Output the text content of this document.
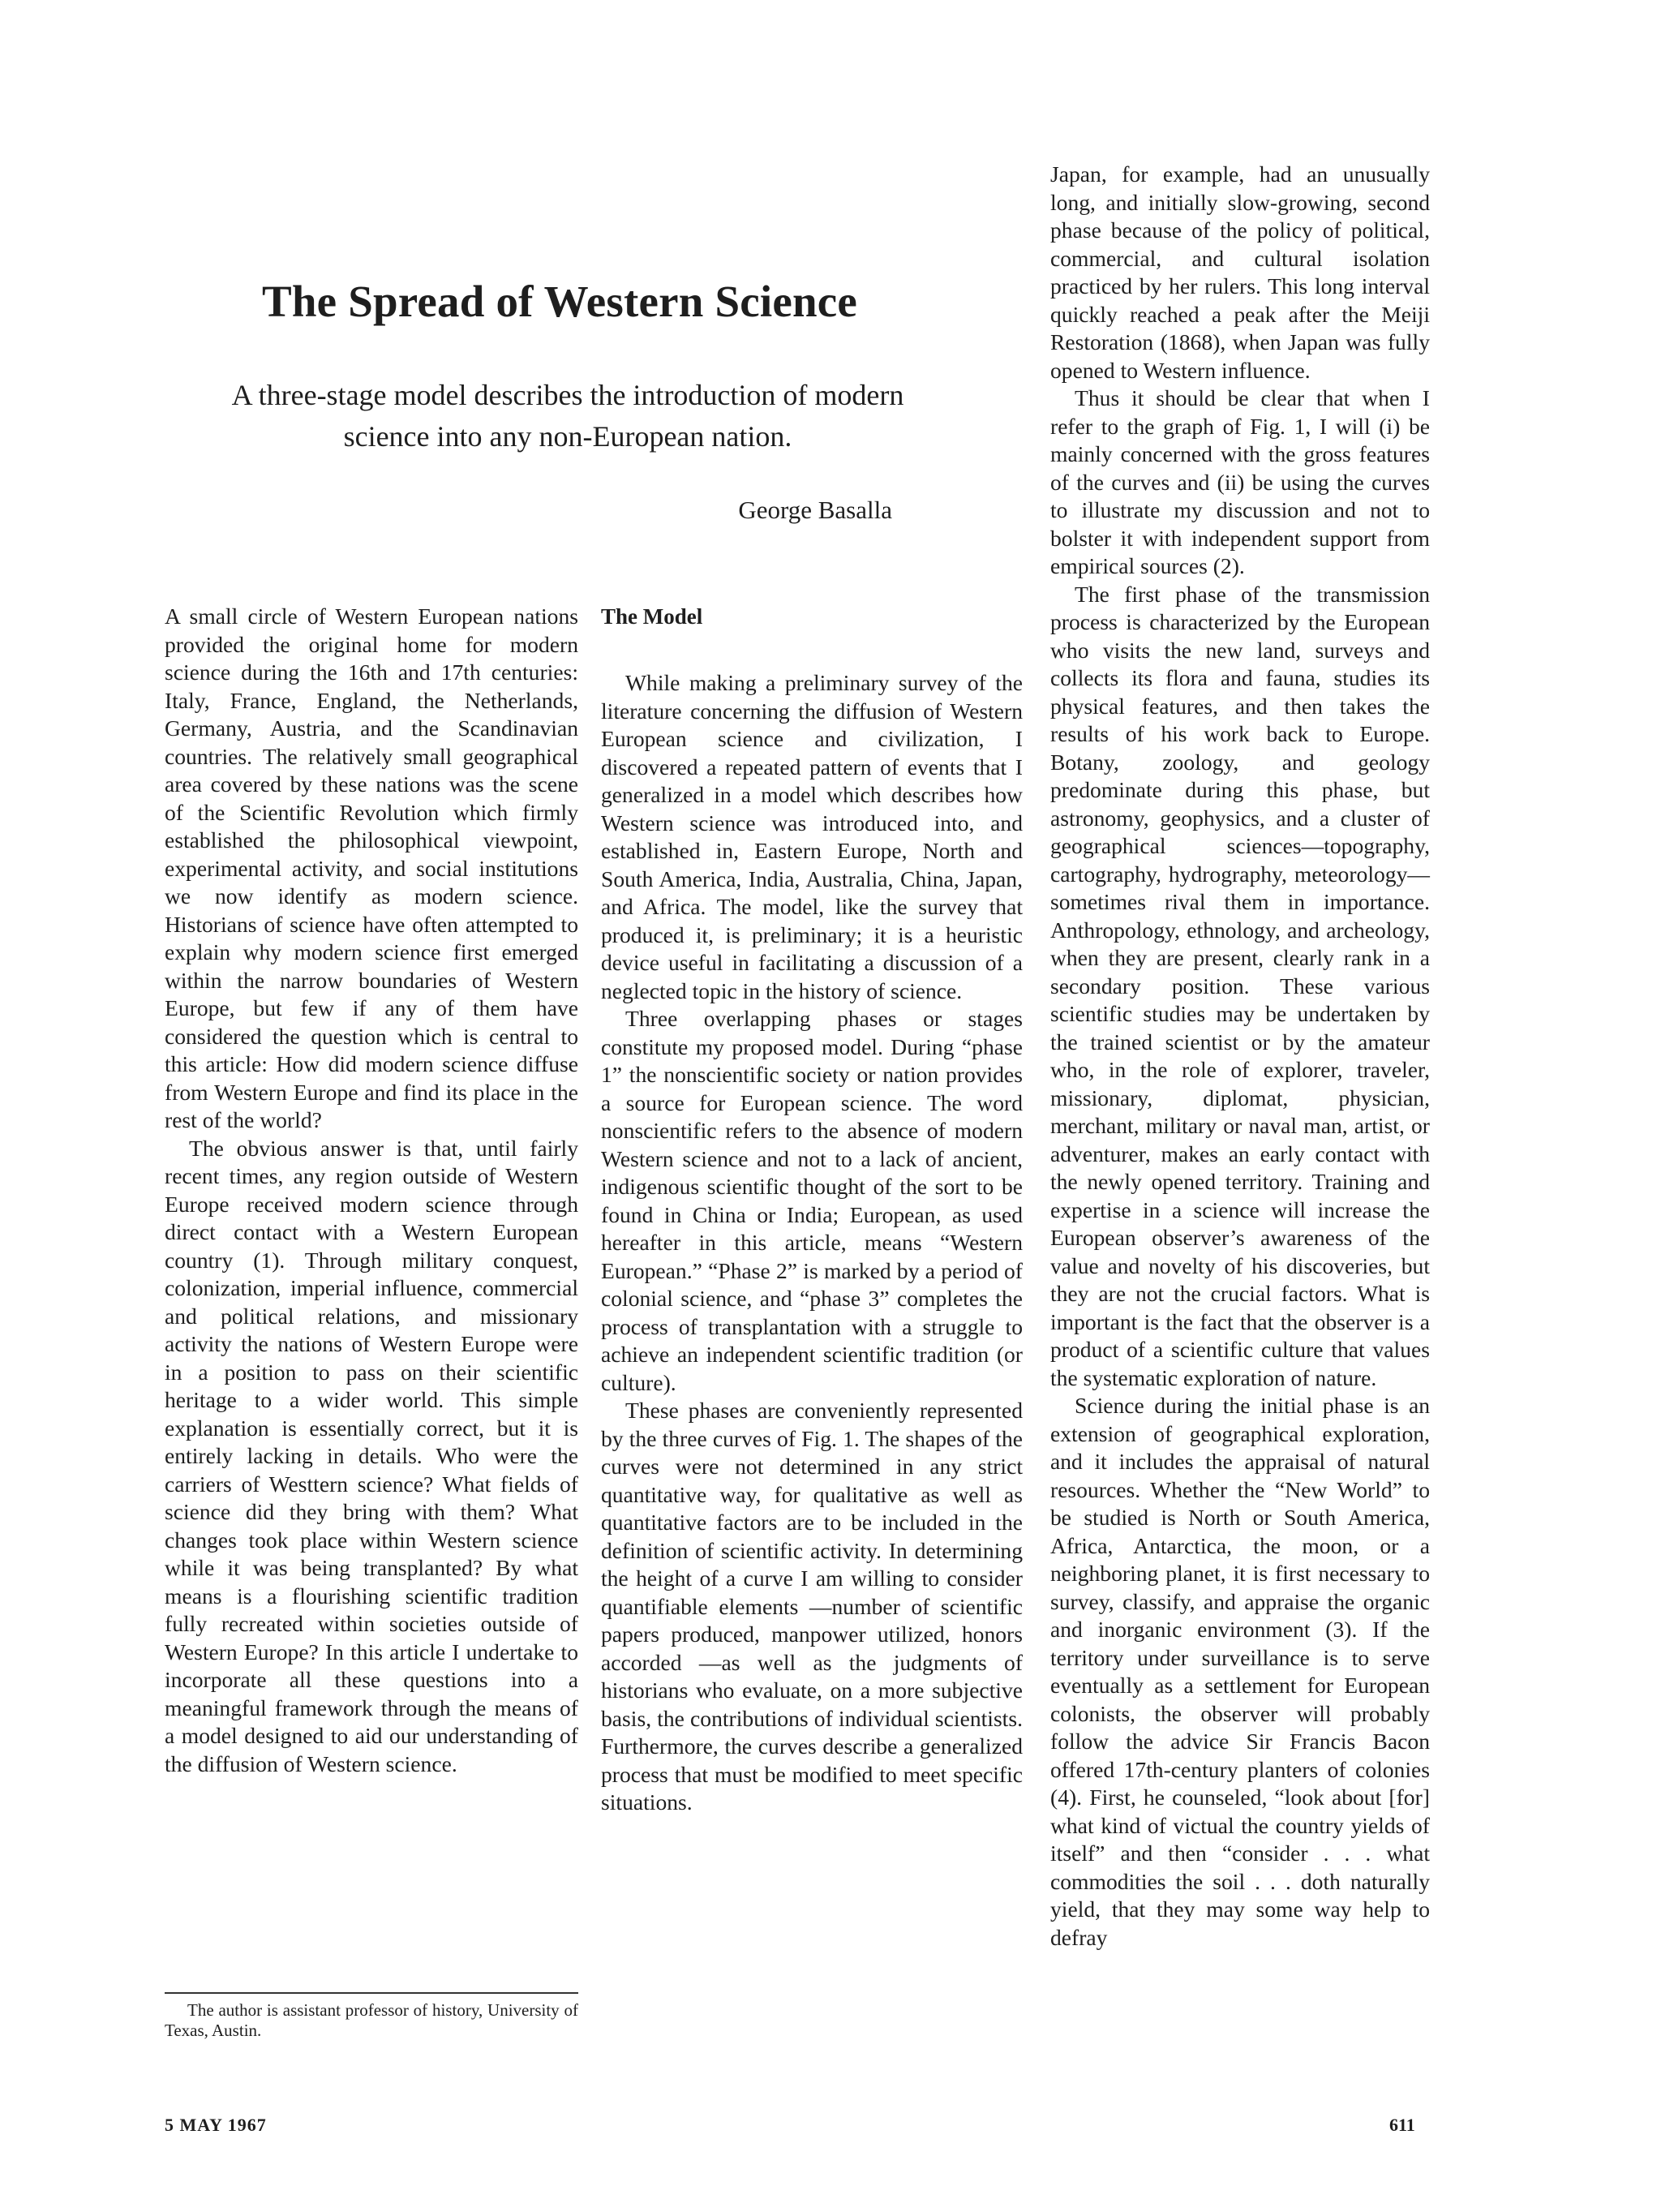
The Spread of Western Science

A three-stage model describes the introduction of modern science into any non-European nation.

George Basalla

A small circle of Western European nations provided the original home for modern science during the 16th and 17th centuries: Italy, France, England, the Netherlands, Germany, Austria, and the Scandinavian countries. The relatively small geographical area covered by these nations was the scene of the Scientific Revolution which firmly established the philosophical viewpoint, experimental activity, and social institutions we now identify as modern science. Historians of science have often attempted to explain why modern science first emerged within the narrow boundaries of Western Europe, but few if any of them have considered the question which is central to this article: How did modern science diffuse from Western Europe and find its place in the rest of the world?

The obvious answer is that, until fairly recent times, any region outside of Western Europe received modern science through direct contact with a Western European country (1). Through military conquest, colonization, imperial influence, commercial and political relations, and missionary activity the nations of Western Europe were in a position to pass on their scientific heritage to a wider world. This simple explanation is essentially correct, but it is entirely lacking in details. Who were the carriers of Westtern science? What fields of science did they bring with them? What changes took place within Western science while it was being transplanted? By what means is a flourishing scientific tradition fully recreated within societies outside of Western Europe? In this article I undertake to incorporate all these questions into a meaningful framework through the means of a model designed to aid our understanding of the diffusion of Western science.

The Model

While making a preliminary survey of the literature concerning the diffusion of Western European science and civilization, I discovered a repeated pattern of events that I generalized in a model which describes how Western science was introduced into, and established in, Eastern Europe, North and South America, India, Australia, China, Japan, and Africa. The model, like the survey that produced it, is preliminary; it is a heuristic device useful in facilitating a discussion of a neglected topic in the history of science.

Three overlapping phases or stages constitute my proposed model. During “phase 1” the nonscientific society or nation provides a source for European science. The word nonscientific refers to the absence of modern Western science and not to a lack of ancient, indigenous scientific thought of the sort to be found in China or India; European, as used hereafter in this article, means “Western European.” “Phase 2” is marked by a period of colonial science, and “phase 3” completes the process of transplantation with a struggle to achieve an independent scientific tradition (or culture).

These phases are conveniently represented by the three curves of Fig. 1. The shapes of the curves were not determined in any strict quantitative way, for qualitative as well as quantitative factors are to be included in the definition of scientific activity. In determining the height of a curve I am willing to consider quantifiable elements —number of scientific papers produced, manpower utilized, honors accorded —as well as the judgments of historians who evaluate, on a more subjective basis, the contributions of individual scientists. Furthermore, the curves describe a generalized process that must be modified to meet specific situations.

Japan, for example, had an unusually long, and initially slow-growing, second phase because of the policy of political, commercial, and cultural isolation practiced by her rulers. This long interval quickly reached a peak after the Meiji Restoration (1868), when Japan was fully opened to Western influence.

Thus it should be clear that when I refer to the graph of Fig. 1, I will (i) be mainly concerned with the gross features of the curves and (ii) be using the curves to illustrate my discussion and not to bolster it with independent support from empirical sources (2).

The first phase of the transmission process is characterized by the European who visits the new land, surveys and collects its flora and fauna, studies its physical features, and then takes the results of his work back to Europe. Botany, zoology, and geology predominate during this phase, but astronomy, geophysics, and a cluster of geographical sciences—topography, cartography, hydrography, meteorology—sometimes rival them in importance. Anthropology, ethnology, and archeology, when they are present, clearly rank in a secondary position. These various scientific studies may be undertaken by the trained scientist or by the amateur who, in the role of explorer, traveler, missionary, diplomat, physician, merchant, military or naval man, artist, or adventurer, makes an early contact with the newly opened territory. Training and expertise in a science will increase the European observer’s awareness of the value and novelty of his discoveries, but they are not the crucial factors. What is important is the fact that the observer is a product of a scientific culture that values the systematic exploration of nature.

Science during the initial phase is an extension of geographical exploration, and it includes the appraisal of natural resources. Whether the “New World” to be studied is North or South America, Africa, Antarctica, the moon, or a neighboring planet, it is first necessary to survey, classify, and appraise the organic and inorganic environment (3). If the territory under surveillance is to serve eventually as a settlement for European colonists, the observer will probably follow the advice Sir Francis Bacon offered 17th-century planters of colonies (4). First, he counseled, “look about [for] what kind of victual the country yields of itself” and then “consider . . . what commodities the soil . . . doth naturally yield, that they may some way help to defray

The author is assistant professor of history, University of Texas, Austin.

5 MAY 1967	611
